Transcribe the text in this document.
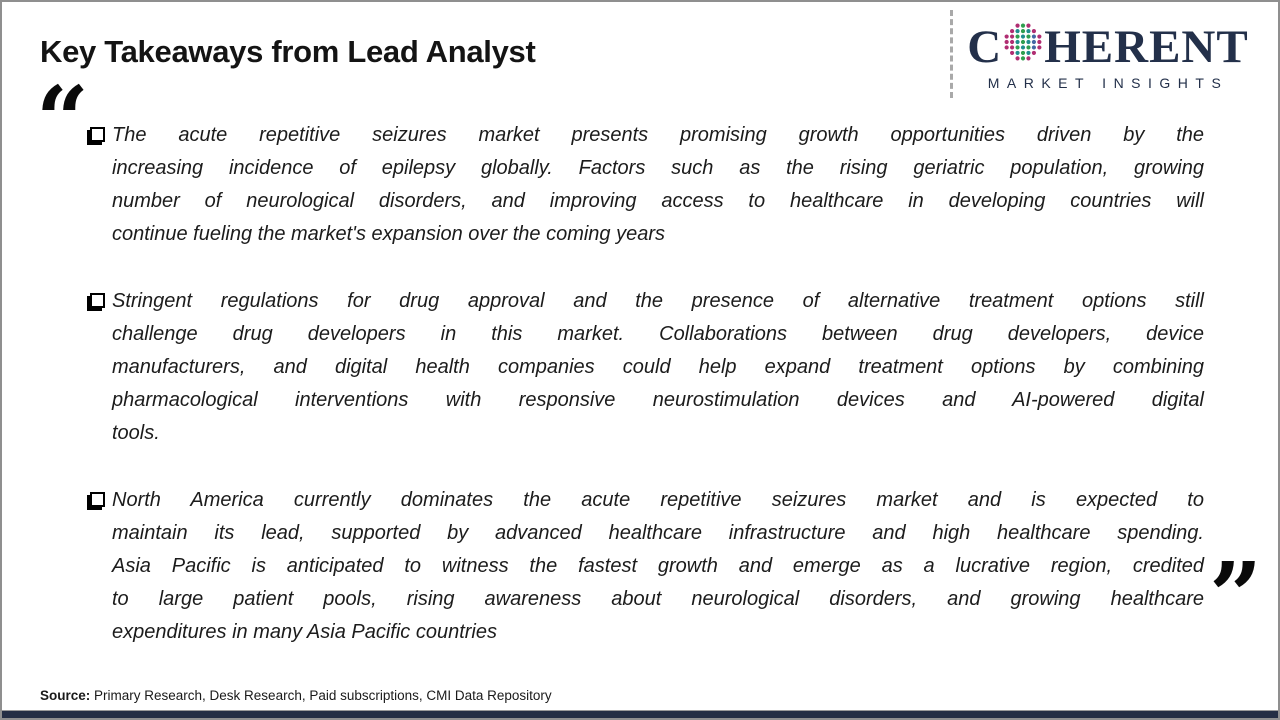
Key Takeaways from Lead Analyst	C HERENT
MARKET INSIGHTS
“ The acute repetitive seizures market presents promising growth opportunities driven by the
increasing incidence of epilepsy globally. Factors such as the rising geriatric population, growing
number of neurological disorders, and improving access to healthcare in developing countries will
continue fueling the market's expansion over the coming years
Stringent regulations for drug approval and the presence of alternative treatment options still
challenge drug developers in this market. Collaborations between drug developers, device
manufacturers, and digital health companies could help expand treatment options by combining
pharmacological interventions with responsive neurostimulation devices and AI-powered digital
tools.
North America currently dominates the acute repetitive seizures market and is expected to
maintain its lead, supported by advanced healthcare infrastructure and high healthcare spending.
Asia Pacific is anticipated to witness the fastest growth and emerge as a lucrative region, credited
to large patient pools, rising awareness about neurological disorders, and growing healthcare
expenditures in many Asia Pacific countries	”
Source: Primary Research, Desk Research, Paid subscriptions, CMI Data Repository
